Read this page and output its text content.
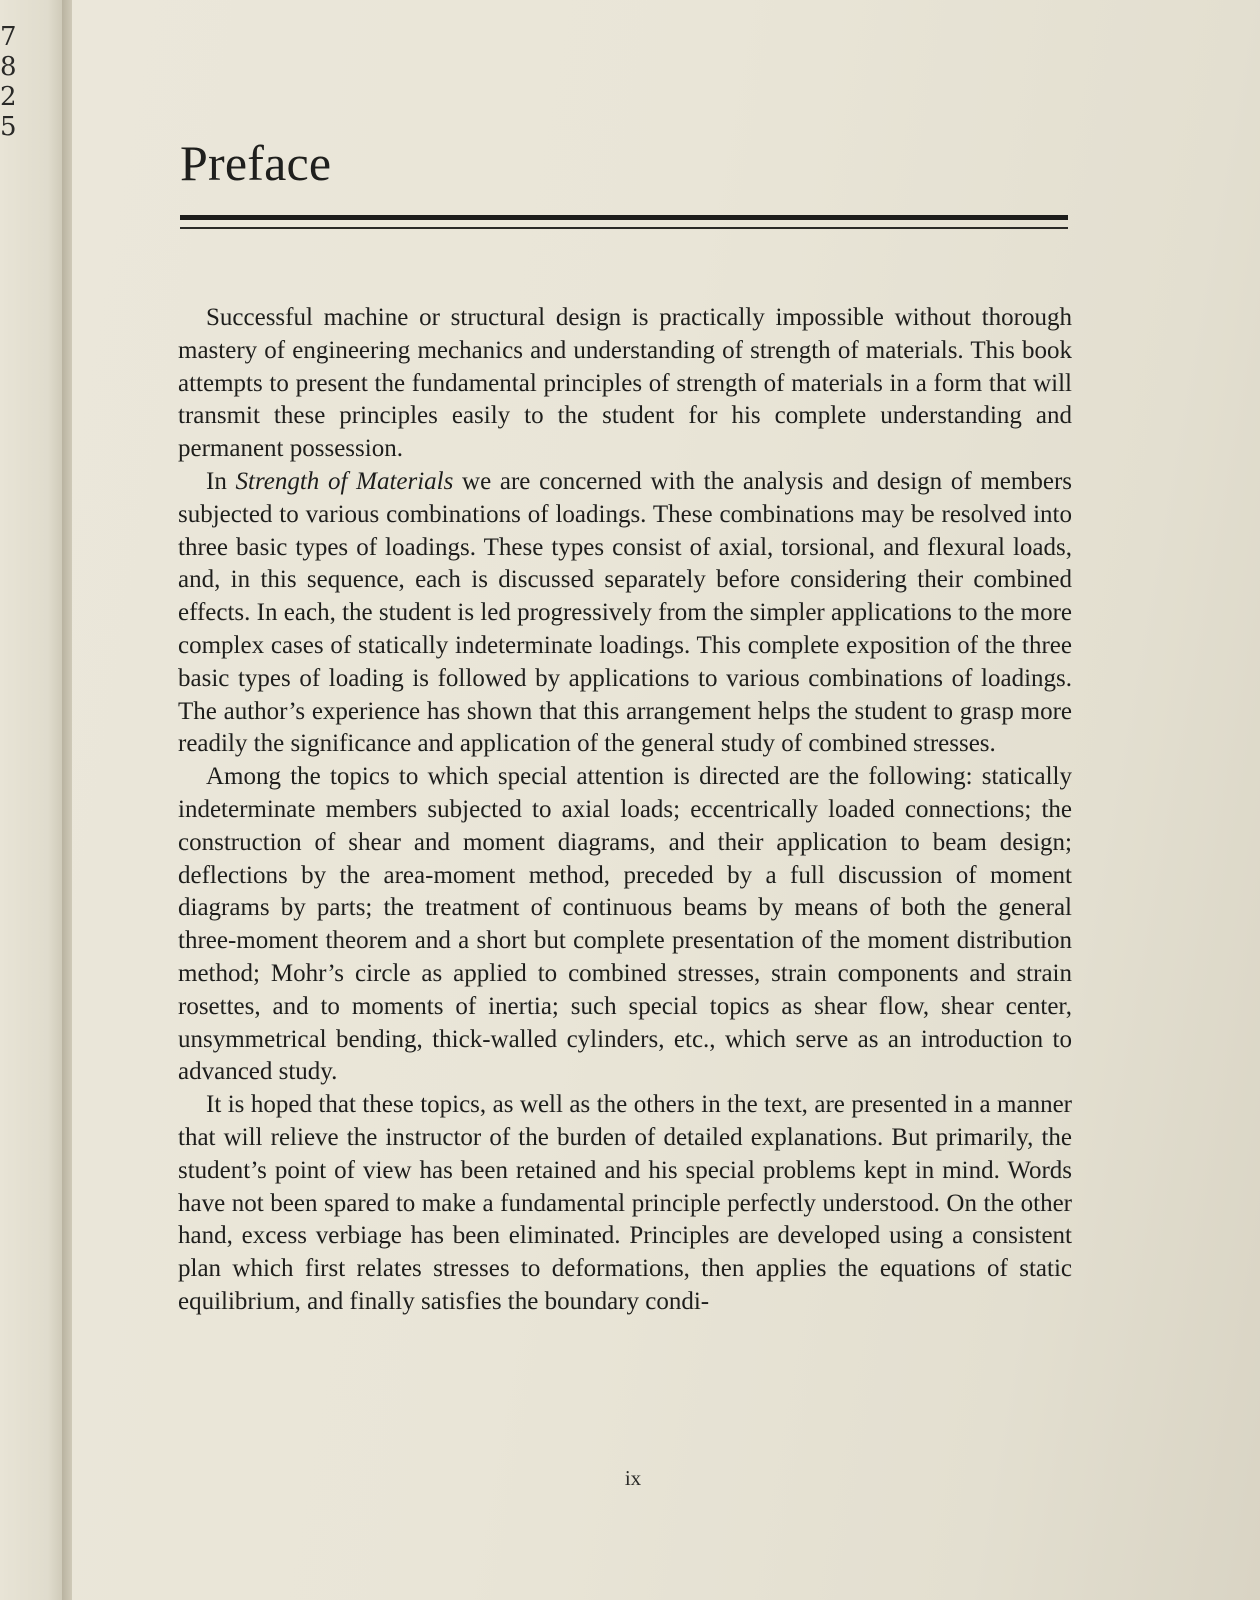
7
8
2
5
Preface

Successful machine or structural design is practically impossible without thorough mastery of engineering mechanics and understanding of strength of materials. This book attempts to present the fundamental principles of strength of materials in a form that will transmit these principles easily to the student for his complete understanding and permanent possession.

In Strength of Materials we are concerned with the analysis and design of members subjected to various combinations of loadings. These combinations may be resolved into three basic types of loadings. These types consist of axial, torsional, and flexural loads, and, in this sequence, each is discussed separately before considering their combined effects. In each, the student is led progressively from the simpler applications to the more complex cases of statically indeterminate loadings. This complete exposition of the three basic types of loading is followed by applications to various combinations of loadings. The author’s experience has shown that this arrangement helps the student to grasp more readily the significance and application of the general study of combined stresses.

Among the topics to which special attention is directed are the following: statically indeterminate members subjected to axial loads; eccentrically loaded connections; the construction of shear and moment diagrams, and their application to beam design; deflections by the area-moment method, preceded by a full discussion of moment diagrams by parts; the treatment of continuous beams by means of both the general three-moment theorem and a short but complete presentation of the moment distribution method; Mohr’s circle as applied to combined stresses, strain components and strain rosettes, and to moments of inertia; such special topics as shear flow, shear center, unsymmetrical bending, thick-walled cylinders, etc., which serve as an introduction to advanced study.

It is hoped that these topics, as well as the others in the text, are presented in a manner that will relieve the instructor of the burden of detailed explanations. But primarily, the student’s point of view has been retained and his special problems kept in mind. Words have not been spared to make a fundamental principle perfectly understood. On the other hand, excess verbiage has been eliminated. Principles are developed using a consistent plan which first relates stresses to deformations, then applies the equations of static equilibrium, and finally satisfies the boundary condi-

ix
